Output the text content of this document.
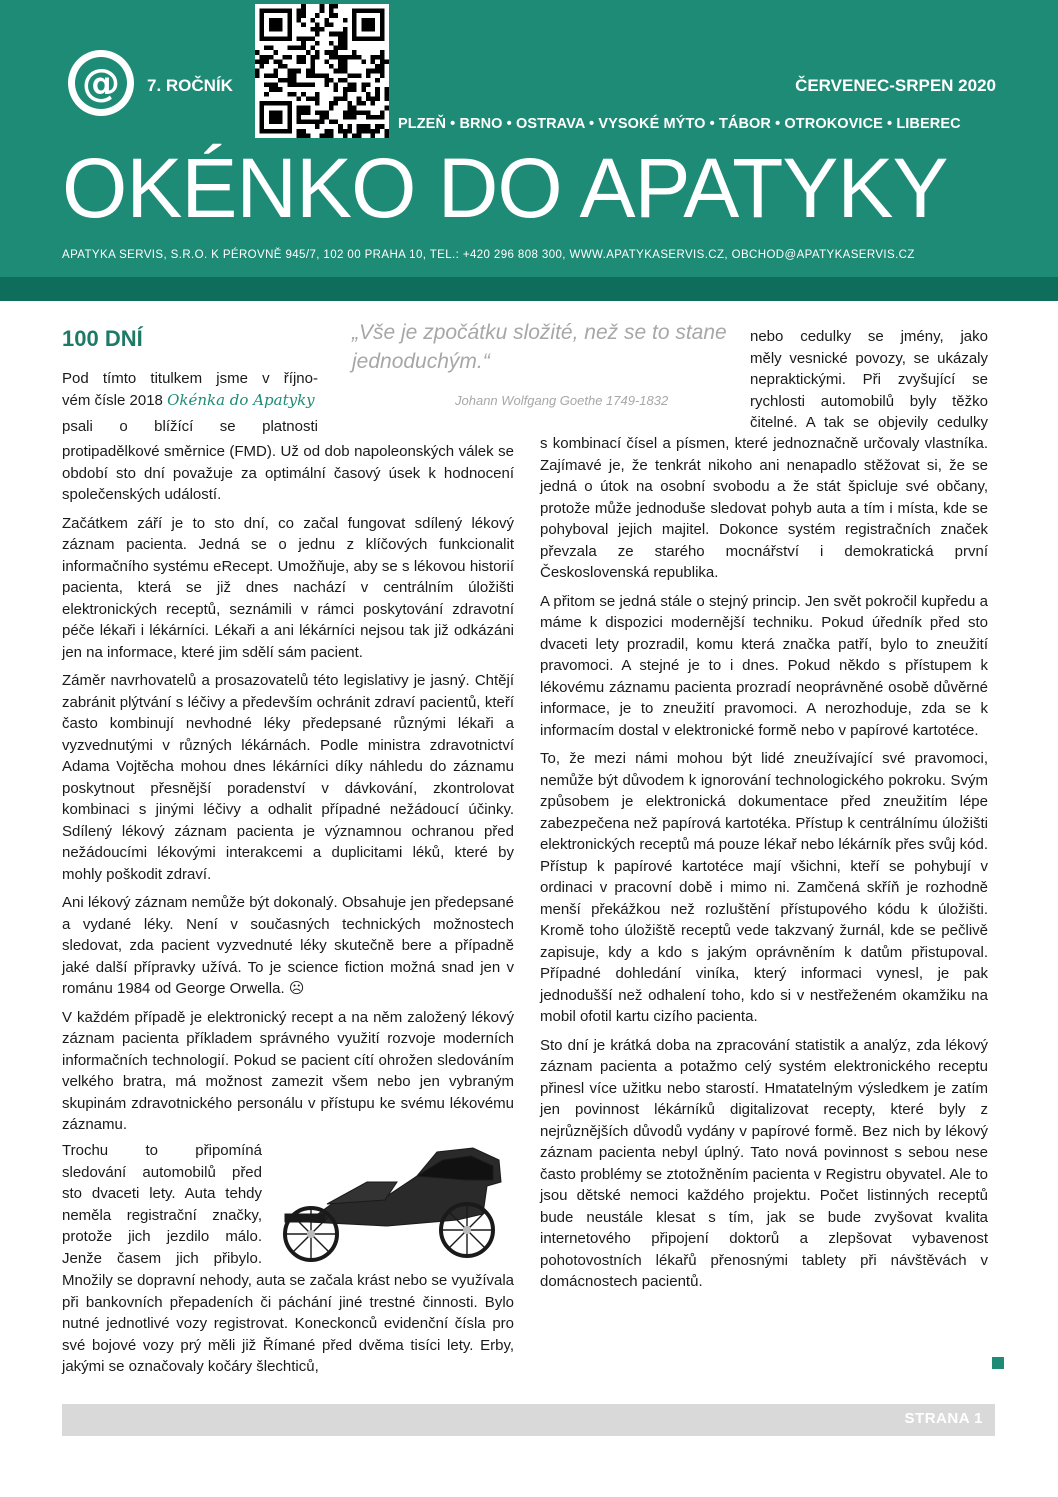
@	7. ROČNÍK	ČERVENEC-SRPEN 2020
PLZEŇ • BRNO • OSTRAVA • VYSOKÉ MÝTO • TÁBOR • OTROKOVICE • LIBEREC
OKÉNKO DO APATYKY
APATYKA SERVIS, S.R.O. K PÉROVNĚ 945/7, 102 00 PRAHA 10, TEL.: +420 296 808 300, WWW.APATYKASERVIS.CZ, OBCHOD@APATYKASERVIS.CZ
100 DNÍ	„Vše je zpočátku složité, než se to stane jednoduchým.“
Johann Wolfgang Goethe 1749-1832
Pod tímto titulkem jsme v říjno-
vém čísle 2018 Okénka do Apatyky
psali o blížící se platnosti

protipadělkové směrnice (FMD). Už od dob napoleonských válek se období sto dní považuje za optimální časový úsek k hodnocení společenských událostí.

Začátkem září je to sto dní, co začal fungovat sdílený lékový záznam pacienta. Jedná se o jednu z klíčových funkcionalit informačního systému eRecept. Umožňuje, aby se s lékovou historií pacienta, která se již dnes nachází v centrálním úložišti elektronických receptů, seznámili v rámci poskytování zdravotní péče lékaři i lékárníci. Lékaři a ani lékárníci nejsou tak již odkázáni jen na informace, které jim sdělí sám pacient.

Záměr navrhovatelů a prosazovatelů této legislativy je jasný. Chtějí zabránit plýtvání s léčivy a především ochránit zdraví pacientů, kteří často kombinují nevhodné léky předepsané různými lékaři a vyzvednutými v různých lékárnách. Podle ministra zdravotnictví Adama Vojtěcha mohou dnes lékárníci díky náhledu do záznamu poskytnout přesnější poradenství v dávkování, zkontrolovat kombinaci s jinými léčivy a odhalit případné nežádoucí účinky. Sdílený lékový záznam pacienta je významnou ochranou před nežádoucími lékovými interakcemi a duplicitami léků, které by mohly poškodit zdraví.

Ani lékový záznam nemůže být dokonalý. Obsahuje jen předepsané a vydané léky. Není v současných technických možnostech sledovat, zda pacient vyzvednuté léky skutečně bere a případně jaké další přípravky užívá. To je science fiction možná snad jen v románu 1984 od George Orwella. ☹

V každém případě je elektronický recept a na něm založený lékový záznam pacienta příkladem správného využití rozvoje moderních informačních technologií. Pokud se pacient cítí ohrožen sledováním velkého bratra, má možnost zamezit všem nebo jen vybraným skupinám zdravotnického personálu v přístupu ke svému lékovému záznamu.

Trochu to připomíná
sledování automobilů před
sto dvaceti lety. Auta tehdy
neměla registrační značky,
protože jich jezdilo málo.
Jenže časem jich přibylo.
Množily se dopravní nehody, auta se začala krást nebo se využívala při bankovních přepadeních či páchání jiné trestné činnosti. Bylo nutné jednotlivé vozy registrovat. Koneckonců evidenční čísla pro své bojové vozy prý měli již Římané před dvěma tisíci lety. Erby, jakými se označovaly kočáry šlechticů,
nebo cedulky se jmény, jako
měly vesnické povozy, se ukázaly
nepraktickými. Při zvyšující se
rychlosti automobilů byly těžko
čitelné. A tak se objevily cedulky

s kombinací čísel a písmen, které jednoznačně určovaly vlastníka. Zajímavé je, že tenkrát nikoho ani nenapadlo stěžovat si, že se jedná o útok na osobní svobodu a že stát špicluje své občany, protože může jednoduše sledovat pohyb auta a tím i místa, kde se pohyboval jejich majitel. Dokonce systém registračních značek převzala ze starého mocnářství i demokratická první Československá republika.

A přitom se jedná stále o stejný princip. Jen svět pokročil kupředu a máme k dispozici modernější techniku. Pokud úředník před sto dvaceti lety prozradil, komu která značka patří, bylo to zneužití pravomoci. A stejné je to i dnes. Pokud někdo s přístupem k lékovému záznamu pacienta prozradí neoprávněné osobě důvěrné informace, je to zneužití pravomoci. A nerozhoduje, zda se k informacím dostal v elektronické formě nebo v papírové kartotéce.

To, že mezi námi mohou být lidé zneužívající své pravomoci, nemůže být důvodem k ignorování technologického pokroku. Svým způsobem je elektronická dokumentace před zneužitím lépe zabezpečena než papírová kartotéka. Přístup k centrálnímu úložišti elektronických receptů má pouze lékař nebo lékárník přes svůj kód. Přístup k papírové kartotéce mají všichni, kteří se pohybují v ordinaci v pracovní době i mimo ni. Zamčená skříň je rozhodně menší překážkou než rozluštění přístupového kódu k úložišti. Kromě toho úložiště receptů vede takzvaný žurnál, kde se pečlivě zapisuje, kdy a kdo s jakým oprávněním k datům přistupoval. Případné dohledání viníka, který informaci vynesl, je pak jednodušší než odhalení toho, kdo si v nestřeženém okamžiku na mobil ofotil kartu cizího pacienta.

Sto dní je krátká doba na zpracování statistik a analýz, zda lékový záznam pacienta a potažmo celý systém elektronického receptu přinesl více užitku nebo starostí. Hmatatelným výsledkem je zatím jen povinnost lékárníků digitalizovat recepty, které byly z nejrůznějších důvodů vydány v papírové formě. Bez nich by lékový záznam pacienta nebyl úplný. Tato nová povinnost s sebou nese často problémy se ztotožněním pacienta v Registru obyvatel. Ale to jsou dětské nemoci každého projektu. Počet listinných receptů bude neustále klesat s tím, jak se bude zvyšovat kvalita internetového připojení doktorů a zlepšovat vybavenost pohotovostních lékařů přenosnými tablety při návštěvách v domácnostech pacientů.

STRANA 1
